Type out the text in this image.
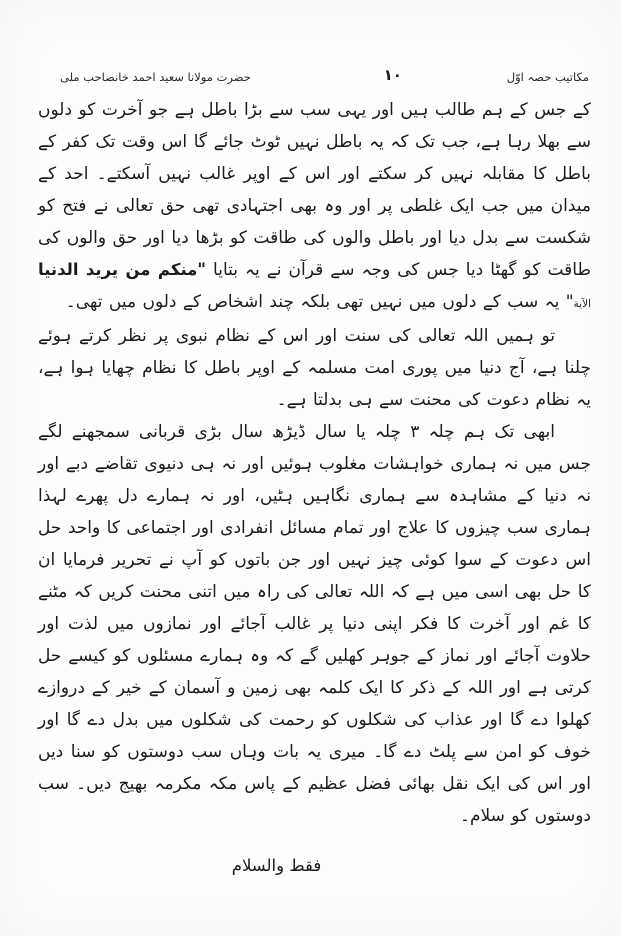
حضرت مولانا سعید احمد خانصاحب ملی	١٠	مکاتیب حصہ اوّل
کے جس کے ہم طالب ہیں اور یہی سب سے بڑا باطل ہے جو آخرت کو دلوں سے بھلا رہا ہے، جب تک کہ یہ باطل نہیں ٹوٹ جائے گا اس وقت تک کفر کے باطل کا مقابلہ نہیں کر سکتے اور اس کے اوپر غالب نہیں آسکتے۔ احد کے میدان میں جب ایک غلطی پر اور وہ بھی اجتہادی تھی حق تعالی نے فتح کو شکست سے بدل دیا اور باطل والوں کی طاقت کو بڑھا دیا اور حق والوں کی طاقت کو گھٹا دیا جس کی وجہ سے قرآن نے یہ بتایا "منكم من يريد الدنيا الآية" یہ سب کے دلوں میں نہیں تھی بلکہ چند اشخاص کے دلوں میں تھی۔
تو ہمیں اللہ تعالی کی سنت اور اس کے نظام نبوی پر نظر کرتے ہوئے چلنا ہے، آج دنیا میں پوری امت مسلمہ کے اوپر باطل کا نظام چھایا ہوا ہے، یہ نظام دعوت کی محنت سے ہی بدلتا ہے۔
ابھی تک ہم چلہ ٣ چلہ یا سال ڈیڑھ سال بڑی قربانی سمجھنے لگے جس میں نہ ہماری خواہشات مغلوب ہوئیں اور نہ ہی دنیوی تقاضے دبے اور نہ دنیا کے مشاہدہ سے ہماری نگاہیں ہٹیں، اور نہ ہمارے دل پھرے لہذا ہماری سب چیزوں کا علاج اور تمام مسائل انفرادی اور اجتماعی کا واحد حل اس دعوت کے سوا کوئی چیز نہیں اور جن باتوں کو آپ نے تحریر فرمایا ان کا حل بھی اسی میں ہے کہ اللہ تعالی کی راہ میں اتنی محنت کریں کہ مٹنے کا غم اور آخرت کا فکر اپنی دنیا پر غالب آجائے اور نمازوں میں لذت اور حلاوت آجائے اور نماز کے جوہر کھلیں گے کہ وہ ہمارے مسئلوں کو کیسے حل کرتی ہے اور اللہ کے ذکر کا ایک کلمہ بھی زمین و آسمان کے خیر کے دروازے کھلوا دے گا اور عذاب کی شکلوں کو رحمت کی شکلوں میں بدل دے گا اور خوف کو امن سے پلٹ دے گا۔ میری یہ بات وہاں سب دوستوں کو سنا دیں اور اس کی ایک نقل بھائی فضل عظیم کے پاس مکہ مکرمہ بھیج دیں۔ سب دوستوں کو سلام۔
فقط والسلام
